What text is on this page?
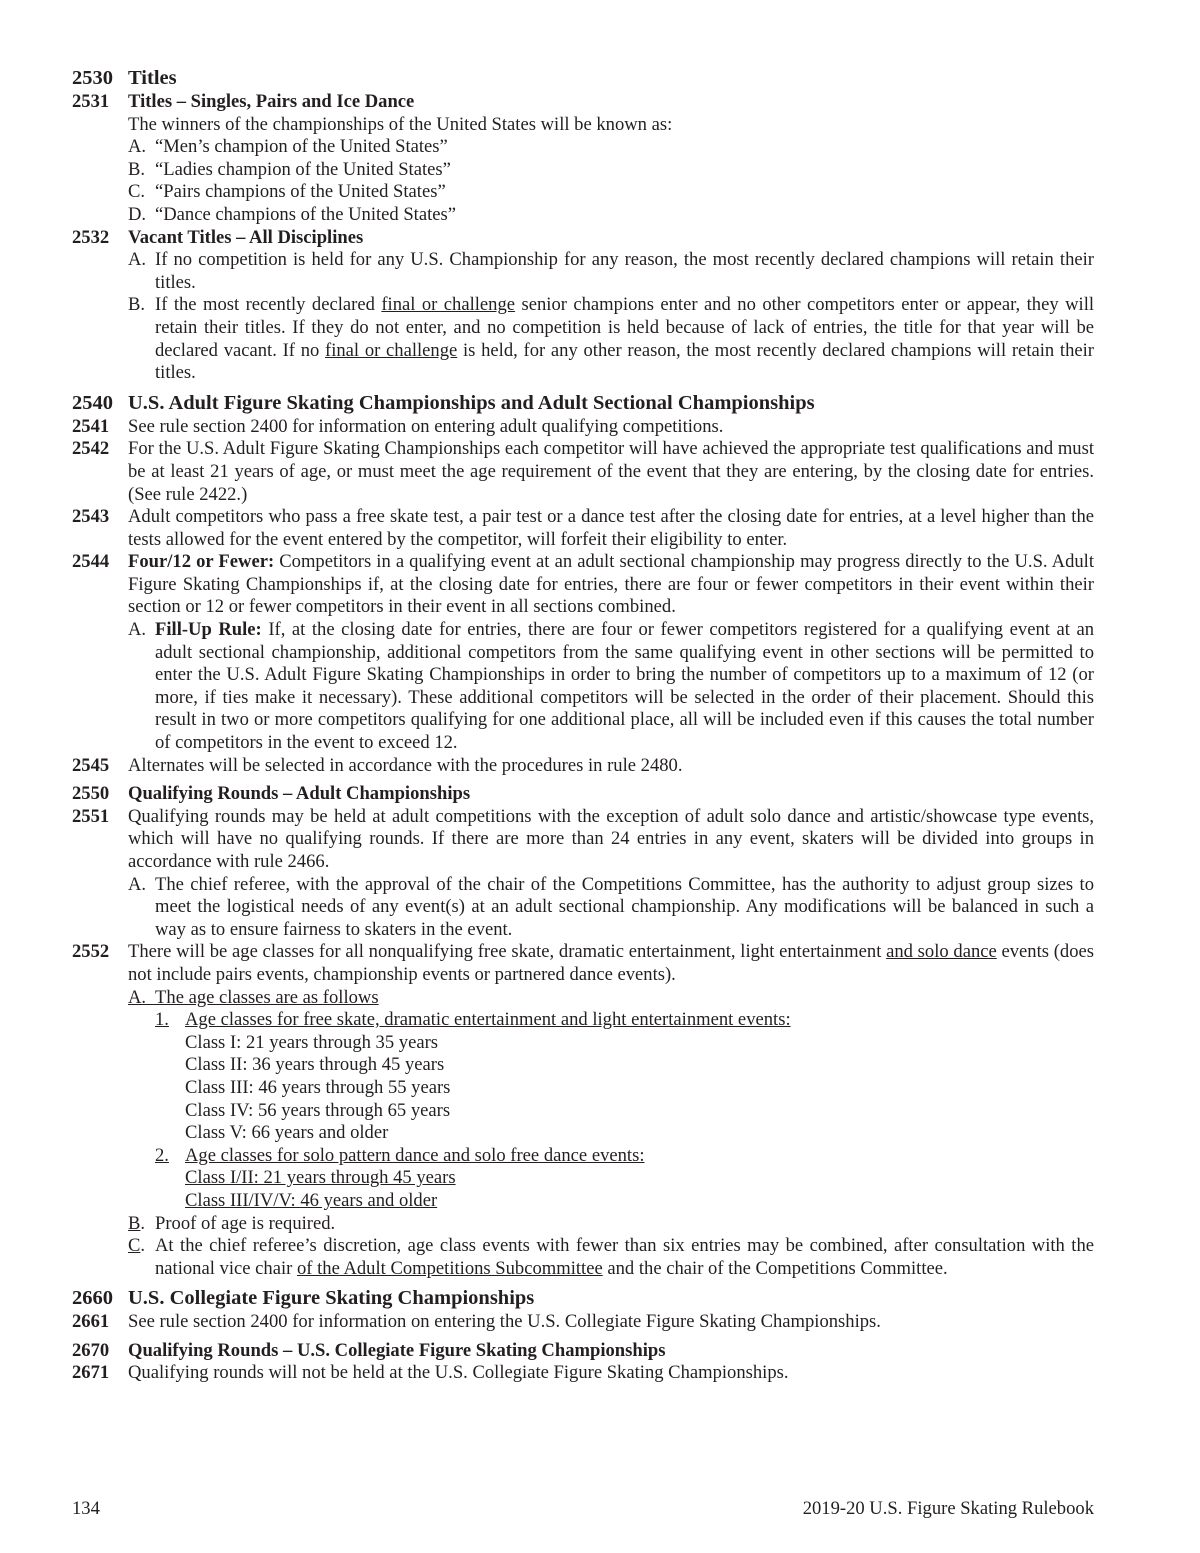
2530 Titles
2531	Titles – Singles, Pairs and Ice Dance
The winners of the championships of the United States will be known as:
A. “Men’s champion of the United States”
B. “Ladies champion of the United States”
C. “Pairs champions of the United States”
D. “Dance champions of the United States”
2532	Vacant Titles – All Disciplines
A. If no competition is held for any U.S. Championship for any reason, the most recently declared champions will retain their titles.
B. If the most recently declared final or challenge senior champions enter and no other competitors enter or appear, they will retain their titles. If they do not enter, and no competition is held because of lack of entries, the title for that year will be declared vacant. If no final or challenge is held, for any other reason, the most recently declared champions will retain their titles.
2540 U.S. Adult Figure Skating Championships and Adult Sectional Championships
2541	See rule section 2400 for information on entering adult qualifying competitions.
2542	For the U.S. Adult Figure Skating Championships each competitor will have achieved the appropriate test qualifications and must be at least 21 years of age, or must meet the age requirement of the event that they are entering, by the closing date for entries. (See rule 2422.)
2543	Adult competitors who pass a free skate test, a pair test or a dance test after the closing date for entries, at a level higher than the tests allowed for the event entered by the competitor, will forfeit their eligibility to enter.
2544	Four/12 or Fewer: Competitors in a qualifying event at an adult sectional championship may progress directly to the U.S. Adult Figure Skating Championships if, at the closing date for entries, there are four or fewer competitors in their event within their section or 12 or fewer competitors in their event in all sections combined.
A. Fill-Up Rule: If, at the closing date for entries, there are four or fewer competitors registered for a qualifying event at an adult sectional championship, additional competitors from the same qualifying event in other sections will be permitted to enter the U.S. Adult Figure Skating Championships in order to bring the number of competitors up to a maximum of 12 (or more, if ties make it necessary). These additional competitors will be selected in the order of their placement. Should this result in two or more competitors qualifying for one additional place, all will be included even if this causes the total number of competitors in the event to exceed 12.
2545	Alternates will be selected in accordance with the procedures in rule 2480.
2550	Qualifying Rounds – Adult Championships
2551	Qualifying rounds may be held at adult competitions with the exception of adult solo dance and artistic/showcase type events, which will have no qualifying rounds. If there are more than 24 entries in any event, skaters will be divided into groups in accordance with rule 2466.
A. The chief referee, with the approval of the chair of the Competitions Committee, has the authority to adjust group sizes to meet the logistical needs of any event(s) at an adult sectional championship. Any modifications will be balanced in such a way as to ensure fairness to skaters in the event.
2552	There will be age classes for all nonqualifying free skate, dramatic entertainment, light entertainment and solo dance events (does not include pairs events, championship events or partnered dance events).
A.  The age classes are as follows
1. Age classes for free skate, dramatic entertainment and light entertainment events:
Class I: 21 years through 35 years
Class II: 36 years through 45 years
Class III: 46 years through 55 years
Class IV: 56 years through 65 years
Class V: 66 years and older
2. Age classes for solo pattern dance and solo free dance events:
Class I/II: 21 years through 45 years
Class III/IV/V: 46 years and older
B. Proof of age is required.
C. At the chief referee’s discretion, age class events with fewer than six entries may be combined, after consultation with the national vice chair of the Adult Competitions Subcommittee and the chair of the Competitions Committee.
2660 U.S. Collegiate Figure Skating Championships
2661	See rule section 2400 for information on entering the U.S. Collegiate Figure Skating Championships.
2670	Qualifying Rounds – U.S. Collegiate Figure Skating Championships
2671	Qualifying rounds will not be held at the U.S. Collegiate Figure Skating Championships.
134	2019-20 U.S. Figure Skating Rulebook
